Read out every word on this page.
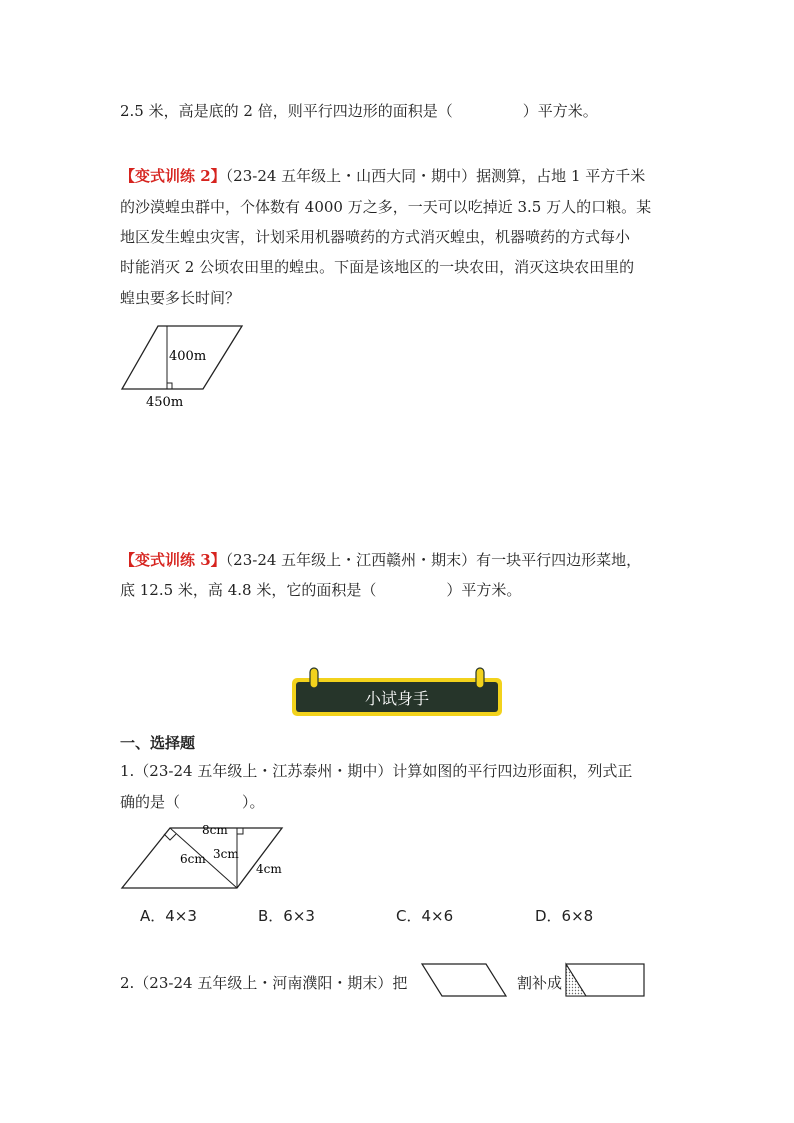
2.5 米，高是底的 2 倍，则平行四边形的面积是（	）平方米。
【变式训练 2】（23-24 五年级上・山西大同・期中）据测算，占地 1 平方千米
的沙漠蝗虫群中，个体数有 4000 万之多，一天可以吃掉近 3.5 万人的口粮。某
地区发生蝗虫灾害，计划采用机器喷药的方式消灭蝗虫，机器喷药的方式每小
时能消灭 2 公顷农田里的蝗虫。下面是该地区的一块农田，消灭这块农田里的
蝗虫要多长时间？
400m
450m
【变式训练 3】（23-24 五年级上・江西赣州・期末）有一块平行四边形菜地，
底 12.5 米，高 4.8 米，它的面积是（	）平方米。
小试身手
一、选择题
1.（23-24 五年级上・江苏泰州・期中）计算如图的平行四边形面积，列式正
确的是（	）。
8cm
6cm 3cm
4cm
A．4×3	B．6×3	C．4×6	D．6×8
2.（23-24 五年级上・河南濮阳・期末）把	割补成
